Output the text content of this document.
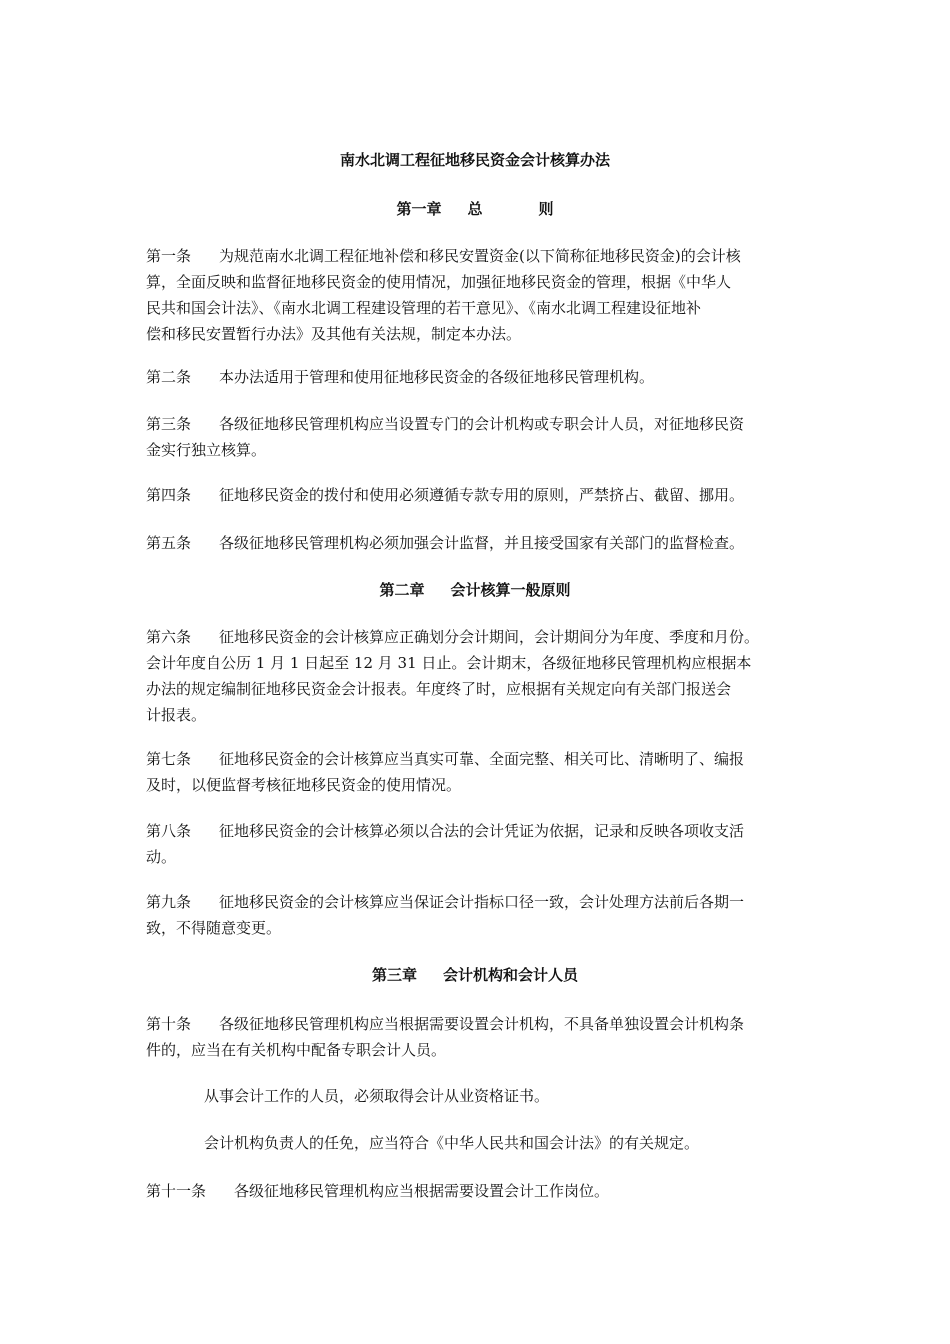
南水北调工程征地移民资金会计核算办法
第一章 总	则
第一条 为规范南水北调工程征地补偿和移民安置资金(以下简称征地移民资金)的会计核
算，全面反映和监督征地移民资金的使用情况，加强征地移民资金的管理，根据《中华人
民共和国会计法》、《南水北调工程建设管理的若干意见》、《南水北调工程建设征地补
偿和移民安置暂行办法》及其他有关法规，制定本办法。
第二条 本办法适用于管理和使用征地移民资金的各级征地移民管理机构。
第三条 各级征地移民管理机构应当设置专门的会计机构或专职会计人员，对征地移民资
金实行独立核算。
第四条 征地移民资金的拨付和使用必须遵循专款专用的原则，严禁挤占、截留、挪用。
第五条 各级征地移民管理机构必须加强会计监督，并且接受国家有关部门的监督检查。
第二章 会计核算一般原则
第六条 征地移民资金的会计核算应正确划分会计期间，会计期间分为年度、季度和月份。
会计年度自公历 1 月 1 日起至 12 月 31 日止。会计期末，各级征地移民管理机构应根据本
办法的规定编制征地移民资金会计报表。年度终了时，应根据有关规定向有关部门报送会
计报表。
第七条 征地移民资金的会计核算应当真实可靠、全面完整、相关可比、清晰明了、编报
及时，以便监督考核征地移民资金的使用情况。
第八条 征地移民资金的会计核算必须以合法的会计凭证为依据，记录和反映各项收支活
动。
第九条 征地移民资金的会计核算应当保证会计指标口径一致，会计处理方法前后各期一
致，不得随意变更。
第三章 会计机构和会计人员
第十条 各级征地移民管理机构应当根据需要设置会计机构，不具备单独设置会计机构条
件的，应当在有关机构中配备专职会计人员。
从事会计工作的人员，必须取得会计从业资格证书。
会计机构负责人的任免，应当符合《中华人民共和国会计法》的有关规定。
第十一条 各级征地移民管理机构应当根据需要设置会计工作岗位。
